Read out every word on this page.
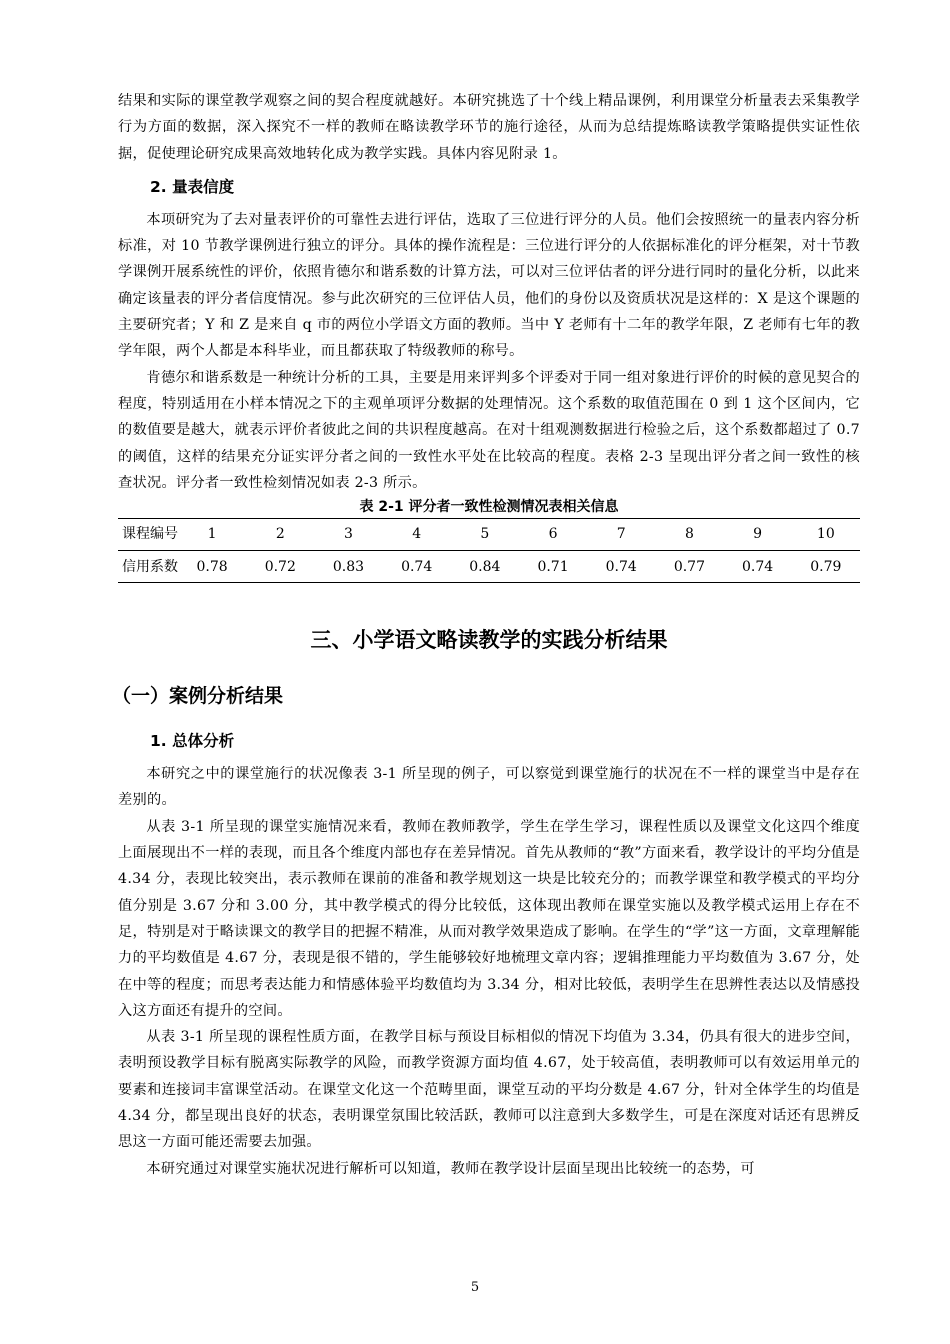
结果和实际的课堂教学观察之间的契合程度就越好。本研究挑选了十个线上精品课例，利用课堂分析量表去采集教学行为方面的数据，深入探究不一样的教师在略读教学环节的施行途径，从而为总结提炼略读教学策略提供实证性依据，促使理论研究成果高效地转化成为教学实践。具体内容见附录 1。

2. 量表信度

本项研究为了去对量表评价的可靠性去进行评估，选取了三位进行评分的人员。他们会按照统一的量表内容分析标准，对 10 节教学课例进行独立的评分。具体的操作流程是：三位进行评分的人依据标准化的评分框架，对十节教学课例开展系统性的评价，依照肯德尔和谐系数的计算方法，可以对三位评估者的评分进行同时的量化分析，以此来确定该量表的评分者信度情况。参与此次研究的三位评估人员，他们的身份以及资质状况是这样的：X 是这个课题的主要研究者；Y 和 Z 是来自 q 市的两位小学语文方面的教师。当中 Y 老师有十二年的教学年限，Z 老师有七年的教学年限，两个人都是本科毕业，而且都获取了特级教师的称号。

肯德尔和谐系数是一种统计分析的工具，主要是用来评判多个评委对于同一组对象进行评价的时候的意见契合的程度，特别适用在小样本情况之下的主观单项评分数据的处理情况。这个系数的取值范围在 0 到 1 这个区间内，它的数值要是越大，就表示评价者彼此之间的共识程度越高。在对十组观测数据进行检验之后，这个系数都超过了 0.7 的阈值，这样的结果充分证实评分者之间的一致性水平处在比较高的程度。表格 2-3 呈现出评分者之间一致性的核查状况。评分者一致性检刻情况如表 2-3 所示。

表 2-1 评分者一致性检测情况表相关信息
课程编号	1	2	3	4	5	6	7	8	9	10
信用系数	0.78	0.72	0.83	0.74	0.84	0.71	0.74	0.77	0.74	0.79
三、小学语文略读教学的实践分析结果
（一）案例分析结果
1. 总体分析

本研究之中的课堂施行的状况像表 3-1 所呈现的例子，可以察觉到课堂施行的状况在不一样的课堂当中是存在差别的。

从表 3-1 所呈现的课堂实施情况来看，教师在教师教学，学生在学生学习，课程性质以及课堂文化这四个维度上面展现出不一样的表现，而且各个维度内部也存在差异情况。首先从教师的“教”方面来看，教学设计的平均分值是 4.34 分，表现比较突出，表示教师在课前的准备和教学规划这一块是比较充分的；而教学课堂和教学模式的平均分值分别是 3.67 分和 3.00 分，其中教学模式的得分比较低，这体现出教师在课堂实施以及教学模式运用上存在不足，特别是对于略读课文的教学目的把握不精准，从而对教学效果造成了影响。在学生的“学”这一方面，文章理解能力的平均数值是 4.67 分，表现是很不错的，学生能够较好地梳理文章内容；逻辑推理能力平均数值为 3.67 分，处在中等的程度；而思考表达能力和情感体验平均数值均为 3.34 分，相对比较低，表明学生在思辨性表达以及情感投入这方面还有提升的空间。

从表 3-1 所呈现的课程性质方面，在教学目标与预设目标相似的情况下均值为 3.34，仍具有很大的进步空间，表明预设教学目标有脱离实际教学的风险，而教学资源方面均值 4.67，处于较高值，表明教师可以有效运用单元的要素和连接词丰富课堂活动。在课堂文化这一个范畴里面，课堂互动的平均分数是 4.67 分，针对全体学生的均值是 4.34 分，都呈现出良好的状态，表明课堂氛围比较活跃，教师可以注意到大多数学生，可是在深度对话还有思辨反思这一方面可能还需要去加强。

本研究通过对课堂实施状况进行解析可以知道，教师在教学设计层面呈现出比较统一的态势，可

5
